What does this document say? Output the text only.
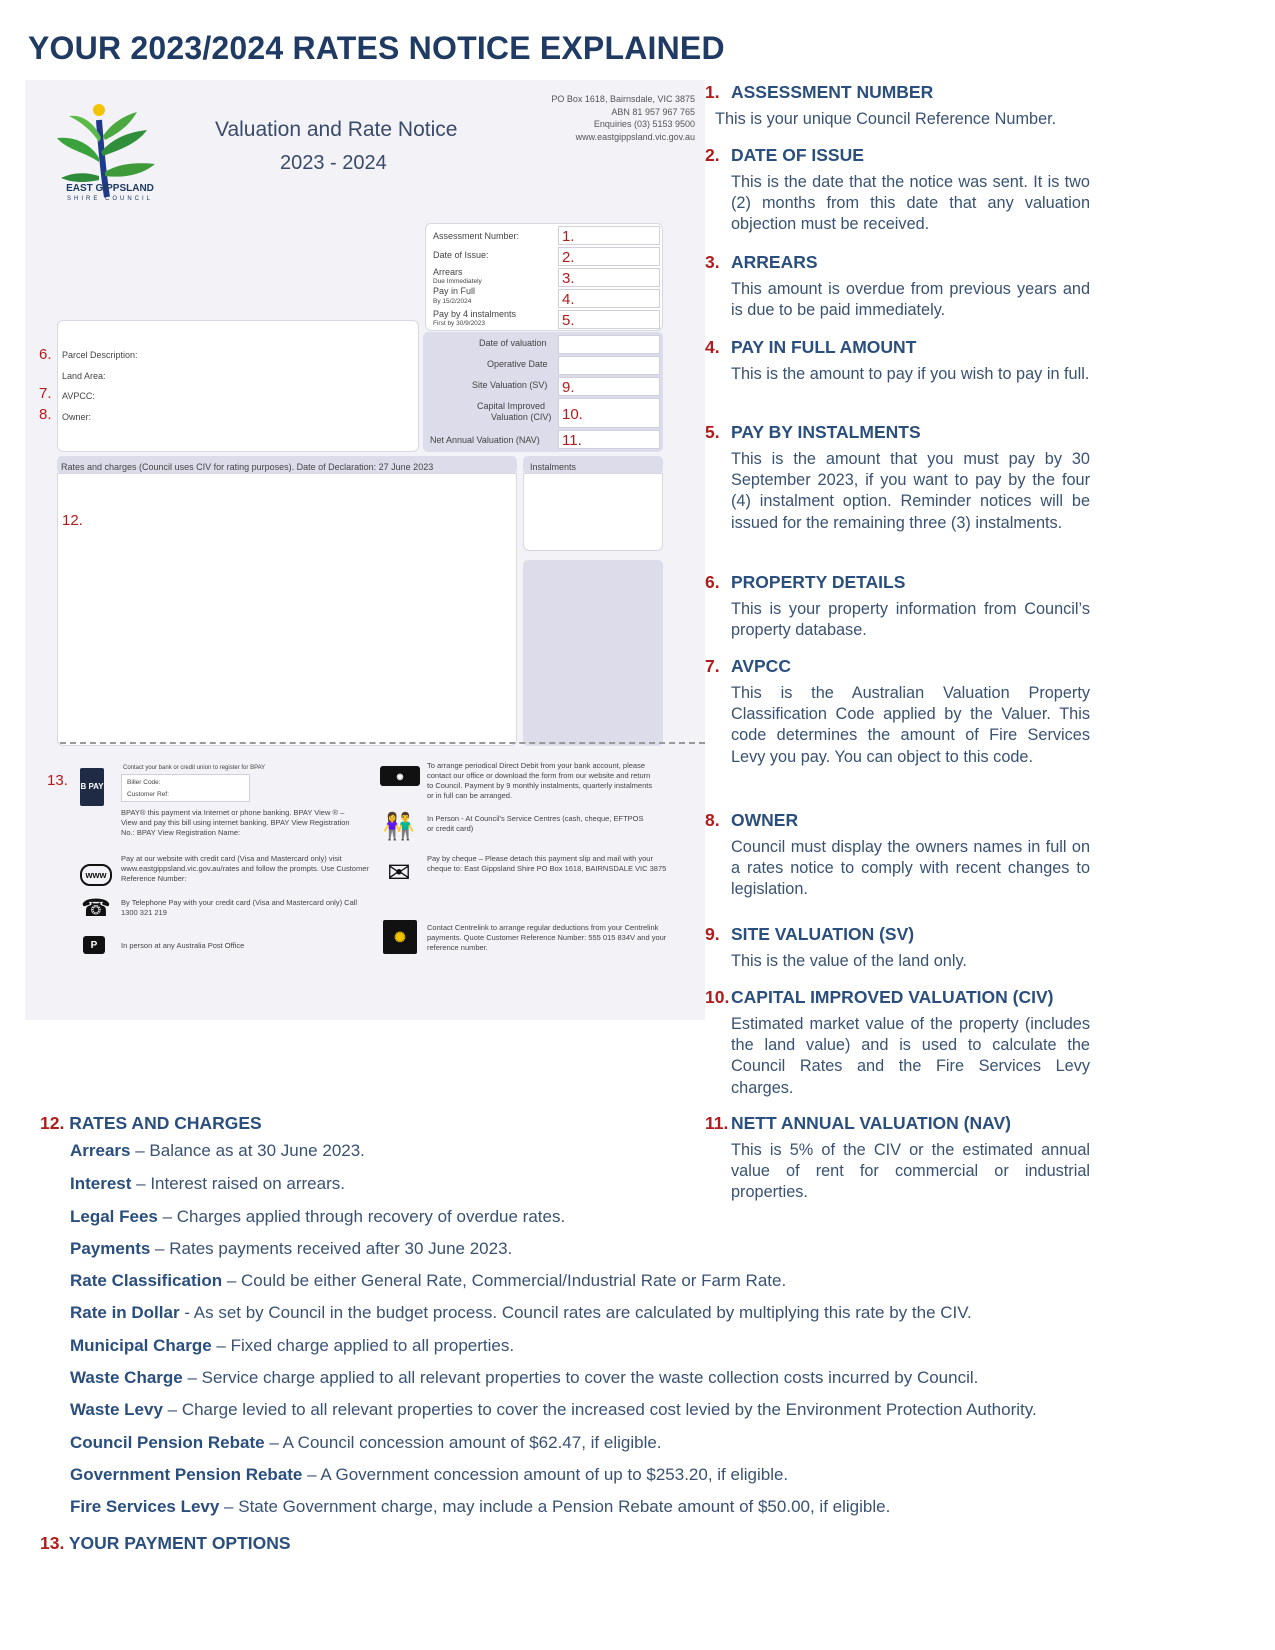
YOUR 2023/2024 RATES NOTICE EXPLAINED
EAST GIPPSLAND
SHIRE COUNCIL
Valuation and Rate Notice
2023 - 2024
PO Box 1618, Bairnsdale, VIC 3875
ABN 81 957 967 765
Enquiries (03) 5153 9500
www.eastgippsland.vic.gov.au
Assessment Number:
Date of Issue:
Arrears
Due Immediately
Pay in Full
By 15/2/2024
Pay by 4 instalments
First by 30/9/2023
1.
2.
3.
4.
5.
6. Parcel Description:
Land Area:
7. AVPCC:
8. Owner:
Date of valuation
Operative Date
Site Valuation (SV)
Capital Improved
Valuation (CIV)
Net Annual Valuation (NAV)
9.
10.
11.
Rates and charges (Council uses CIV for rating purposes). Date of Declaration: 27 June 2023
12.
Instalments
13. B PAY
Contact your bank or credit union to register for BPAY
Biller Code:
Customer Ref:
BPAY® this payment via Internet or phone banking. BPAY View ® – View and pay this bill using internet banking. BPAY View Registration No.: BPAY View Registration Name:
www
Pay at our website with credit card (Visa and Mastercard only) visit www.eastgippsland.vic.gov.au/rates and follow the prompts. Use Customer Reference Number:
☎ By Telephone Pay with your credit card (Visa and Mastercard only) Call 1300 321 219
P	In person at any Australia Post Office
◉
To arrange periodical Direct Debit from your bank account, please contact our office or download the form from our website and return to Council. Payment by 9 monthly instalments, quarterly instalments or in full can be arranged.
👫 In Person - At Council's Service Centres (cash, cheque, EFTPOS or credit card)
✉	Pay by cheque – Please detach this payment slip and mail with your cheque to: East Gippsland Shire PO Box 1618, BAIRNSDALE VIC 3875
✺
Contact Centrelink to arrange regular deductions from your Centrelink payments. Quote Customer Reference Number: 555 015 834V and your reference number.
1. ASSESSMENT NUMBER
This is your unique Council Reference Number.
2. DATE OF ISSUE
This is the date that the notice was sent. It is two (2) months from this date that any valuation objection must be received.
3. ARREARS
This amount is overdue from previous years and is due to be paid immediately.
4. PAY IN FULL AMOUNT
This is the amount to pay if you wish to pay in full.
5. PAY BY INSTALMENTS
This is the amount that you must pay by 30 September 2023, if you want to pay by the four (4) instalment option. Reminder notices will be issued for the remaining three (3) instalments.
6. PROPERTY DETAILS
This is your property information from Council’s property database.
7. AVPCC
This is the Australian Valuation Property Classification Code applied by the Valuer. This code determines the amount of Fire Services Levy you pay. You can object to this code.
8. OWNER
Council must display the owners names in full on a rates notice to comply with recent changes to legislation.
9. SITE VALUATION (SV)
This is the value of the land only.
10.CAPITAL IMPROVED VALUATION (CIV)
Estimated market value of the property (includes the land value) and is used to calculate the Council Rates and the Fire Services Levy charges.
11. NETT ANNUAL VALUATION (NAV)
This is 5% of the CIV or the estimated annual value of rent for commercial or industrial properties.
12. RATES AND CHARGES
Arrears – Balance as at 30 June 2023.
Interest – Interest raised on arrears.
Legal Fees – Charges applied through recovery of overdue rates.
Payments – Rates payments received after 30 June 2023.
Rate Classification – Could be either General Rate, Commercial/Industrial Rate or Farm Rate.
Rate in Dollar - As set by Council in the budget process. Council rates are calculated by multiplying this rate by the CIV.
Municipal Charge – Fixed charge applied to all properties.
Waste Charge – Service charge applied to all relevant properties to cover the waste collection costs incurred by Council.
Waste Levy – Charge levied to all relevant properties to cover the increased cost levied by the Environment Protection Authority.
Council Pension Rebate – A Council concession amount of $62.47, if eligible.
Government Pension Rebate – A Government concession amount of up to $253.20, if eligible.
Fire Services Levy – State Government charge, may include a Pension Rebate amount of $50.00, if eligible.
13. YOUR PAYMENT OPTIONS
